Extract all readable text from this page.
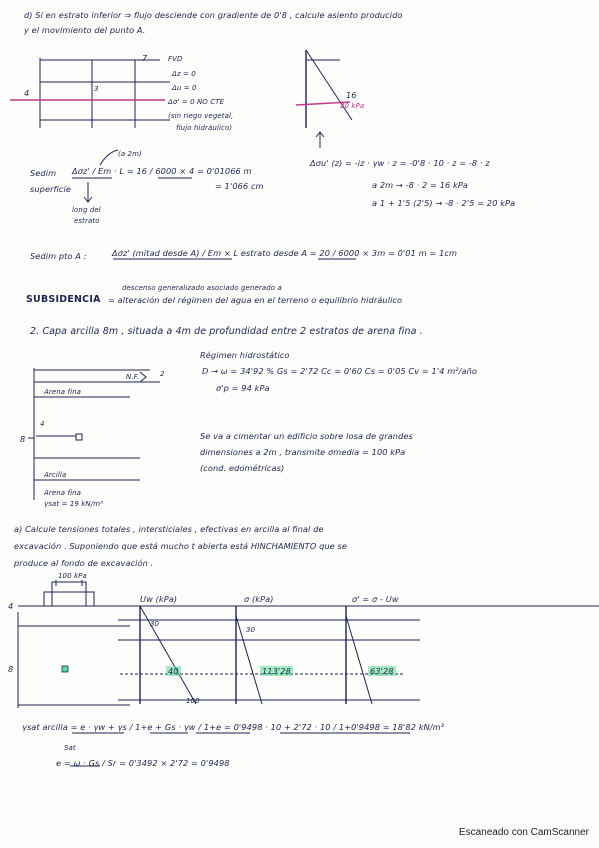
d) Si en estrato inferior ⇒ flujo desciende con gradiente de 0'8 , calcule asiento producido
y el movimiento del punto A.
FVD
Δz = 0
Δu = 0
Δσ' = 0 NO CTE
(sin riego vegetal,
flujo hidráulico)
4
7
3
16
20 kPa
Δσu' (z) = -iz · γw · z = -0'8 · 10 · z = -8 · z
a 2m → -8 · 2 = 16 kPa
a 1 + 1'5 (2'5) → -8 · 2'5 = 20 kPa
Sedim
superficie
Δσz' / Em · L = 16 / 6000 × 4 = 0'01066 m
= 1'066 cm
(a 2m)
long del
estrato
Sedim pto A :	Δσz' (mitad desde A) / Em × L estrato desde A = 20 / 6000 × 3m = 0'01 m = 1cm
descenso generalizado asociado generado a
SUBSIDENCIA = alteración del régimen del agua en el terreno o equilibrio hidráulico
2. Capa arcilla 8m , situada a 4m de profundidad entre 2 estratos de arena fina .
Régimen hidrostático
D → ω = 34'92 % Gs = 2'72 Cc = 0'60 Cs = 0'05 Cv = 1'4 m²/año
σ'p = 94 kPa
Se va a cimentar un edificio sobre losa de grandes
dimensiones a 2m , transmite σmedia = 100 kPa
(cond. edométricas)
N.F.
Arena fina
Arcilla
Arena fina
γsat = 19 kN/m³
4
8
2
a) Calcule tensiones totales , intersticiales , efectivas en arcilla al final de
excavación . Suponiendo que está mucho t abierta está HINCHAMIENTO que se
produce al fondo de excavación .
100 kPa
Uw (kPa)	σ (kPa)	σ' = σ - Uw
30
30
100
40	113'28	63'28
4
8
γsat arcilla = e · γw + γs / 1+e + Gs · γw / 1+e = 0'9498 · 10 + 2'72 · 10 / 1+0'9498 = 18'82 kN/m³
e = ω · Gs / Sr = 0'3492 × 2'72 = 0'9498
Sat
Escaneado con CamScanner
